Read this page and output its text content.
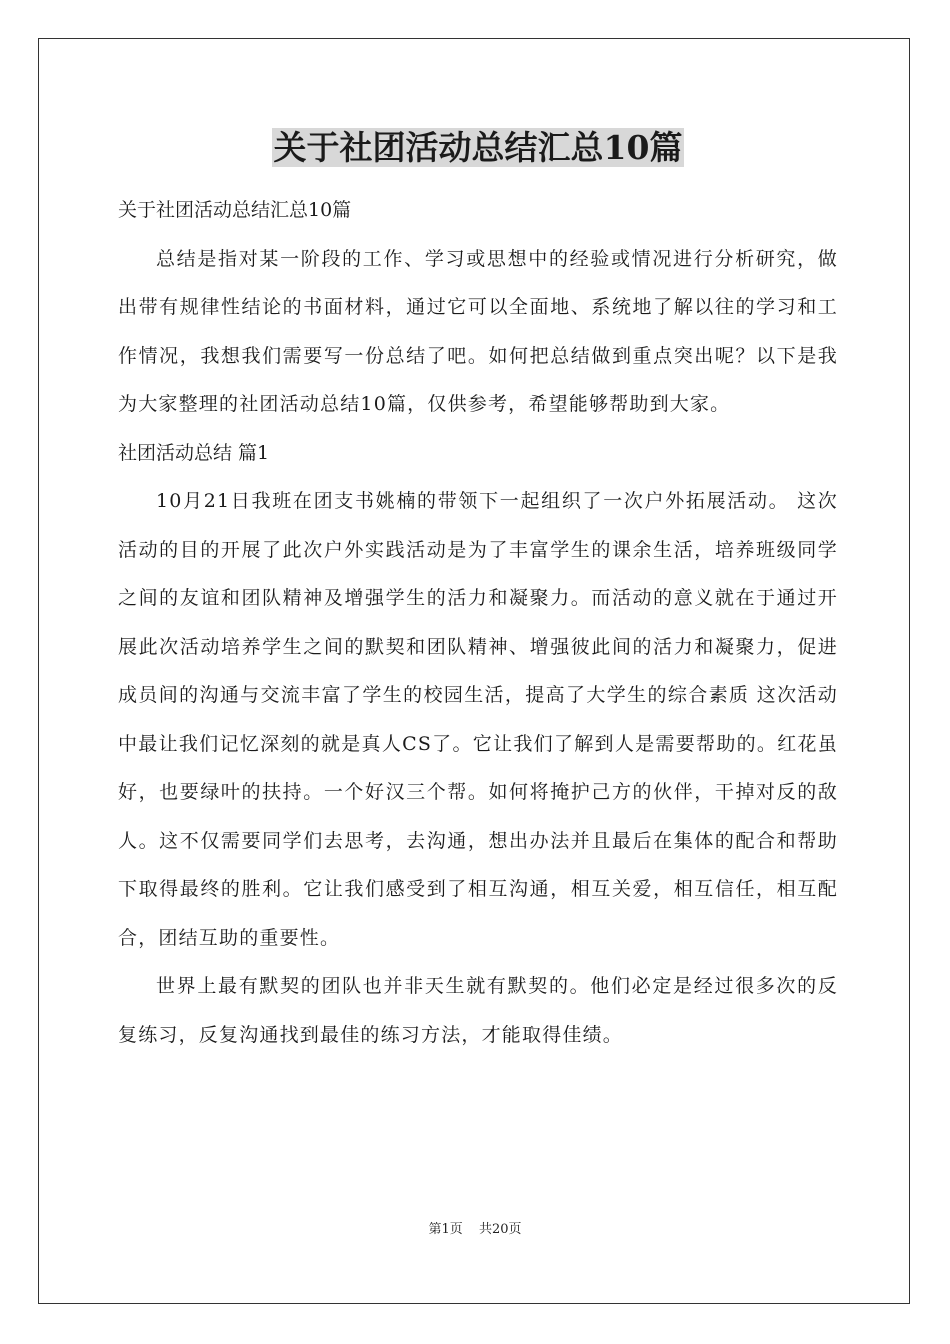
关于社团活动总结汇总10篇

关于社团活动总结汇总10篇

总结是指对某一阶段的工作、学习或思想中的经验或情况进行分析研究，做出带有规律性结论的书面材料，通过它可以全面地、系统地了解以往的学习和工作情况，我想我们需要写一份总结了吧。如何把总结做到重点突出呢？以下是我为大家整理的社团活动总结10篇，仅供参考，希望能够帮助到大家。

社团活动总结 篇1

10月21日我班在团支书姚楠的带领下一起组织了一次户外拓展活动。 这次活动的目的开展了此次户外实践活动是为了丰富学生的课余生活，培养班级同学之间的友谊和团队精神及增强学生的活力和凝聚力。而活动的意义就在于通过开展此次活动培养学生之间的默契和团队精神、增强彼此间的活力和凝聚力，促进成员间的沟通与交流丰富了学生的校园生活，提高了大学生的综合素质 这次活动中最让我们记忆深刻的就是真人CS了。它让我们了解到人是需要帮助的。红花虽好，也要绿叶的扶持。一个好汉三个帮。如何将掩护己方的伙伴，干掉对反的敌人。这不仅需要同学们去思考，去沟通，想出办法并且最后在集体的配合和帮助下取得最终的胜利。它让我们感受到了相互沟通，相互关爱，相互信任，相互配合，团结互助的重要性。

世界上最有默契的团队也并非天生就有默契的。他们必定是经过很多次的反复练习，反复沟通找到最佳的练习方法，才能取得佳绩。

第1页 共20页
